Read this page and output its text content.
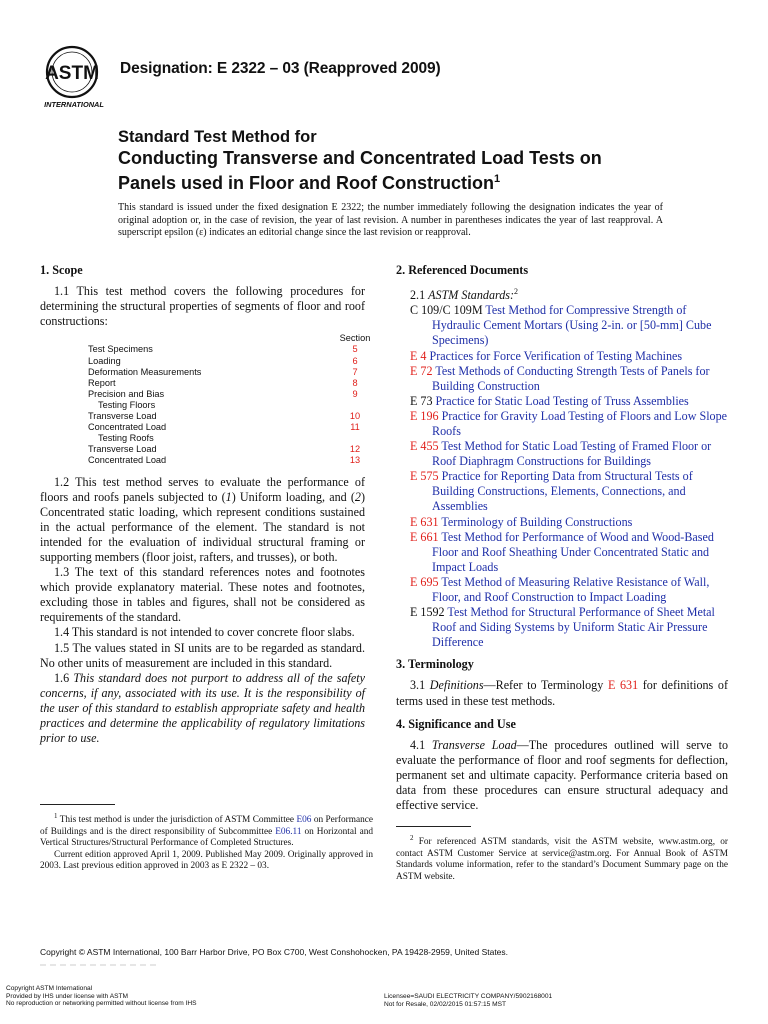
ASTM
INTERNATIONAL
Designation: E 2322 – 03 (Reapproved 2009)
Standard Test Method for
Conducting Transverse and Concentrated Load Tests on
Panels used in Floor and Roof Construction$^1$
This standard is issued under the fixed designation E 2322; the number immediately following the designation indicates the year of original adoption or, in the case of revision, the year of last revision. A number in parentheses indicates the year of last reapproval. A superscript epsilon (ε) indicates an editorial change since the last revision or reapproval.
1. Scope

1.1 This test method covers the following procedures for determining the structural properties of segments of floor and roof constructions:

	Section
Test Specimens	5
Loading	6
Deformation Measurements	7
Report	8
Precision and Bias	9
Testing Floors	
Transverse Load	10
Concentrated Load	11
Testing Roofs	
Transverse Load	12
Concentrated Load	13

1.2 This test method serves to evaluate the performance of floors and roofs panels subjected to (1) Uniform loading, and (2) Concentrated static loading, which represent conditions sustained in the actual performance of the element. The standard is not intended for the evaluation of individual structural framing or supporting members (floor joist, rafters, and trusses), or both.

1.3 The text of this standard references notes and footnotes which provide explanatory material. These notes and footnotes, excluding those in tables and figures, shall not be considered as requirements of the standard.

1.4 This standard is not intended to cover concrete floor slabs.

1.5 The values stated in SI units are to be regarded as standard. No other units of measurement are included in this standard.

1.6 This standard does not purport to address all of the safety concerns, if any, associated with its use. It is the responsibility of the user of this standard to establish appropriate safety and health practices and determine the applicability of regulatory limitations prior to use.

2. Referenced Documents

2.1 ASTM Standards:$^2$

C 109/C 109M Test Method for Compressive Strength of Hydraulic Cement Mortars (Using 2-in. or [50-mm] Cube Specimens)

E 4 Practices for Force Verification of Testing Machines

E 72 Test Methods of Conducting Strength Tests of Panels for Building Construction

E 73 Practice for Static Load Testing of Truss Assemblies

E 196 Practice for Gravity Load Testing of Floors and Low Slope Roofs

E 455 Test Method for Static Load Testing of Framed Floor or Roof Diaphragm Constructions for Buildings

E 575 Practice for Reporting Data from Structural Tests of Building Constructions, Elements, Connections, and Assemblies

E 631 Terminology of Building Constructions

E 661 Test Method for Performance of Wood and Wood-Based Floor and Roof Sheathing Under Concentrated Static and Impact Loads

E 695 Test Method of Measuring Relative Resistance of Wall, Floor, and Roof Construction to Impact Loading

E 1592 Test Method for Structural Performance of Sheet Metal Roof and Siding Systems by Uniform Static Air Pressure Difference

3. Terminology

3.1 Definitions—Refer to Terminology E 631 for definitions of terms used in these test methods.

4. Significance and Use

4.1 Transverse Load—The procedures outlined will serve to evaluate the performance of floor and roof segments for deflection, permanent set and ultimate capacity. Performance criteria based on data from these procedures can ensure structural adequacy and effective service.

$^1$ This test method is under the jurisdiction of ASTM Committee E06 on Performance of Buildings and is the direct responsibility of Subcommittee E06.11 on Horizontal and Vertical Structures/Structural Performance of Completed Structures.

Current edition approved April 1, 2009. Published May 2009. Originally approved in 2003. Last previous edition approved in 2003 as E 2322 – 03.

$^2$ For referenced ASTM standards, visit the ASTM website, www.astm.org, or contact ASTM Customer Service at service@astm.org. For Annual Book of ASTM Standards volume information, refer to the standard’s Document Summary page on the ASTM website.

Copyright © ASTM International, 100 Barr Harbor Drive, PO Box C700, West Conshohocken, PA 19428-2959, United States.
Copyright ASTM International
Provided by IHS under license with ASTM
No reproduction or networking permitted without license from IHS
Licensee=SAUDI ELECTRICITY COMPANY/5902168001
Not for Resale, 02/02/2015 01:57:15 MST
